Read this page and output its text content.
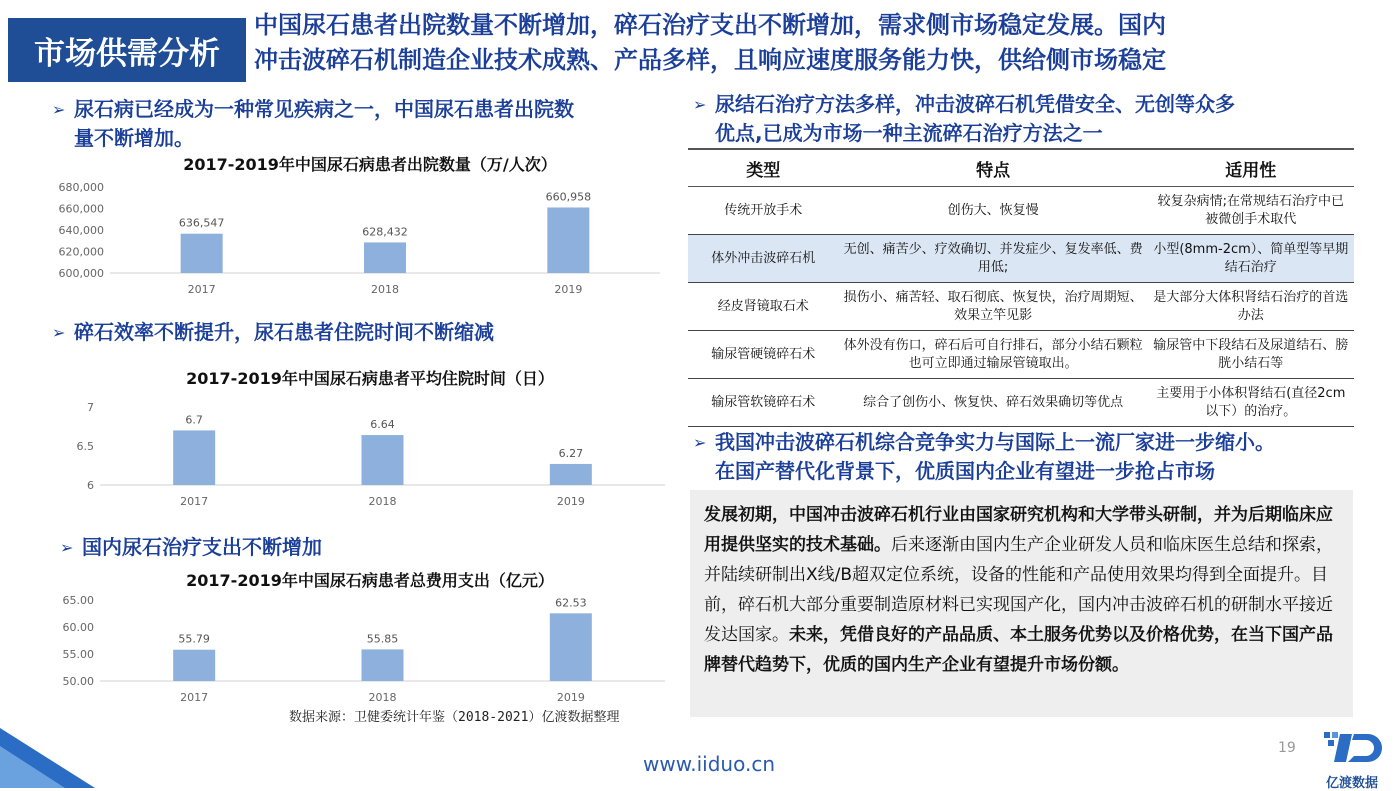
市场供需分析
中国尿石患者出院数量不断增加，碎石治疗支出不断增加，需求侧市场稳定发展。国内
冲击波碎石机制造企业技术成熟、产品多样，且响应速度服务能力快，供给侧市场稳定
➢ 尿石病已经成为一种常见疾病之一，中国尿石患者出院数
量不断增加。
2017-2019年中国尿石病患者出院数量（万/人次）
600,000
620,000
640,000
660,000
680,000
636,547
2017
628,432
2018
660,958
2019
➢ 碎石效率不断提升，尿石患者住院时间不断缩减
2017-2019年中国尿石病患者平均住院时间（日）
6
6.5
7
6.7
2017
6.64
2018
6.27
2019
➢ 国内尿石治疗支出不断增加
2017-2019年中国尿石病患者总费用支出（亿元）
50.00
55.00
60.00
65.00
55.79
2017
55.85
2018
62.53
2019
数据来源：卫健委统计年鉴（2018-2021）亿渡数据整理
➢ 尿结石治疗方法多样，冲击波碎石机凭借安全、无创等众多
优点,已成为市场一种主流碎石治疗方法之一
类型	特点	适用性
传统开放手术	创伤大、恢复慢	较复杂病情;在常规结石治疗中已被微创手术取代
体外冲击波碎石机	无创、痛苦少、疗效确切、并发症少、复发率低、费用低;	小型(8mm-2cm）、简单型等早期结石治疗
经皮肾镜取石术	损伤小、痛苦轻、取石彻底、恢复快，治疗周期短、效果立竿见影	是大部分大体积肾结石治疗的首选办法
输尿管硬镜碎石术	体外没有伤口，碎石后可自行排石，部分小结石颗粒也可立即通过输尿管镜取出。	输尿管中下段结石及尿道结石、膀胱小结石等
输尿管软镜碎石术	综合了创伤小、恢复快、碎石效果确切等优点	主要用于小体积肾结石(直径2cm以下）的治疗。
➢ 我国冲击波碎石机综合竞争实力与国际上一流厂家进一步缩小。
在国产替代化背景下，优质国内企业有望进一步抢占市场
发展初期，中国冲击波碎石机行业由国家研究机构和大学带头研制，并为后期临床应用提供坚实的技术基础。后来逐渐由国内生产企业研发人员和临床医生总结和探索，并陆续研制出X线/B超双定位系统，设备的性能和产品使用效果均得到全面提升。目前，碎石机大部分重要制造原材料已实现国产化，国内冲击波碎石机的研制水平接近发达国家。未来，凭借良好的产品品质、本土服务优势以及价格优势，在当下国产品牌替代趋势下，优质的国内生产企业有望提升市场份额。
www.iiduo.cn
19
亿渡数据
